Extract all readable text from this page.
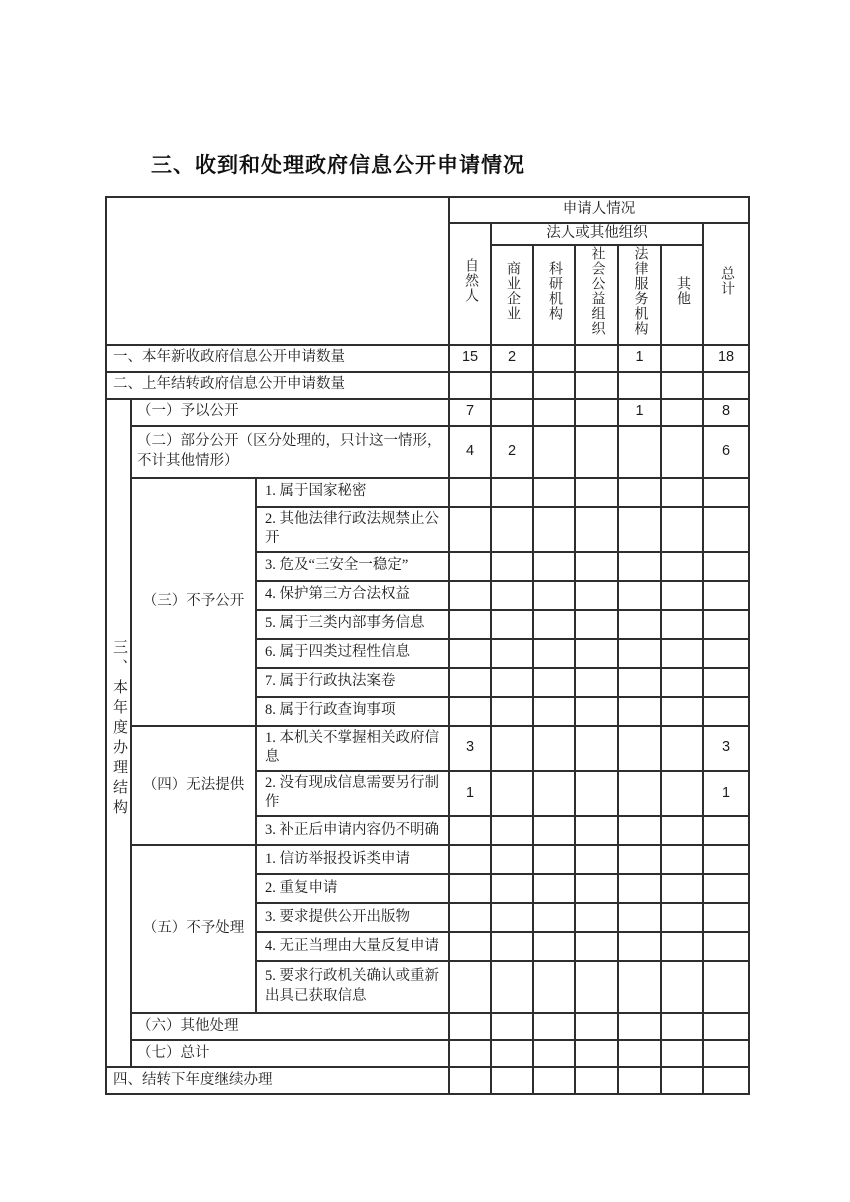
三、收到和处理政府信息公开申请情况
			申请人情况						
			自然人	法人或其他组织					总计
				商业企业	科研机构	社会公益组织	法律服务机构	其他	
一、本年新收政府信息公开申请数量			15	2			1		18
二、上年结转政府信息公开申请数量									
三、本年度办理结构	（一）予以公开		7				1		8
	（二）部分公开（区分处理的，只计这一情形，不计其他情形）		4	2					6
	（三）不予公开	1. 属于国家秘密							
		2. 其他法律行政法规禁止公开							
		3. 危及“三安全一稳定”							
		4. 保护第三方合法权益							
		5. 属于三类内部事务信息							
		6. 属于四类过程性信息							
		7. 属于行政执法案卷							
		8. 属于行政查询事项							
	（四）无法提供	1. 本机关不掌握相关政府信息	3						3
		2. 没有现成信息需要另行制作	1						1
		3. 补正后申请内容仍不明确							
	（五）不予处理	1. 信访举报投诉类申请							
		2. 重复申请							
		3. 要求提供公开出版物							
		4. 无正当理由大量反复申请							
		5. 要求行政机关确认或重新出具已获取信息							
	（六）其他处理								
	（七）总计								
四、结转下年度继续办理									
